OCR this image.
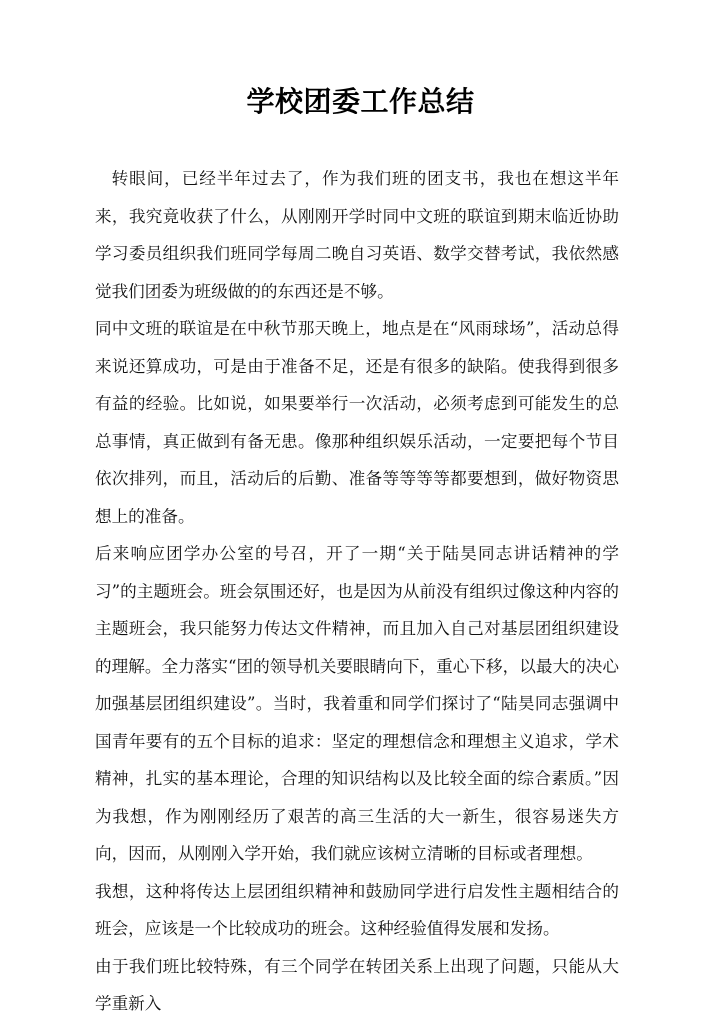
学校团委工作总结

转眼间，已经半年过去了，作为我们班的团支书，我也在想这半年来，我究竟收获了什么，从刚刚开学时同中文班的联谊到期末临近协助学习委员组织我们班同学每周二晚自习英语、数学交替考试，我依然感觉我们团委为班级做的的东西还是不够。

同中文班的联谊是在中秋节那天晚上，地点是在“风雨球场”，活动总得来说还算成功，可是由于准备不足，还是有很多的缺陷。使我得到很多有益的经验。比如说，如果要举行一次活动，必须考虑到可能发生的总总事情，真正做到有备无患。像那种组织娱乐活动，一定要把每个节目依次排列，而且，活动后的后勤、准备等等等等都要想到，做好物资思想上的准备。

后来响应团学办公室的号召，开了一期“关于陆昊同志讲话精神的学习”的主题班会。班会氛围还好，也是因为从前没有组织过像这种内容的主题班会，我只能努力传达文件精神，而且加入自己对基层团组织建设的理解。全力落实“团的领导机关要眼睛向下，重心下移，以最大的决心加强基层团组织建设”。当时，我着重和同学们探讨了“陆昊同志强调中国青年要有的五个目标的追求：坚定的理想信念和理想主义追求，学术精神，扎实的基本理论，合理的知识结构以及比较全面的综合素质。”因为我想，作为刚刚经历了艰苦的高三生活的大一新生，很容易迷失方向，因而，从刚刚入学开始，我们就应该树立清晰的目标或者理想。

我想，这种将传达上层团组织精神和鼓励同学进行启发性主题相结合的班会，应该是一个比较成功的班会。这种经验值得发展和发扬。

由于我们班比较特殊，有三个同学在转团关系上出现了问题，只能从大学重新入
